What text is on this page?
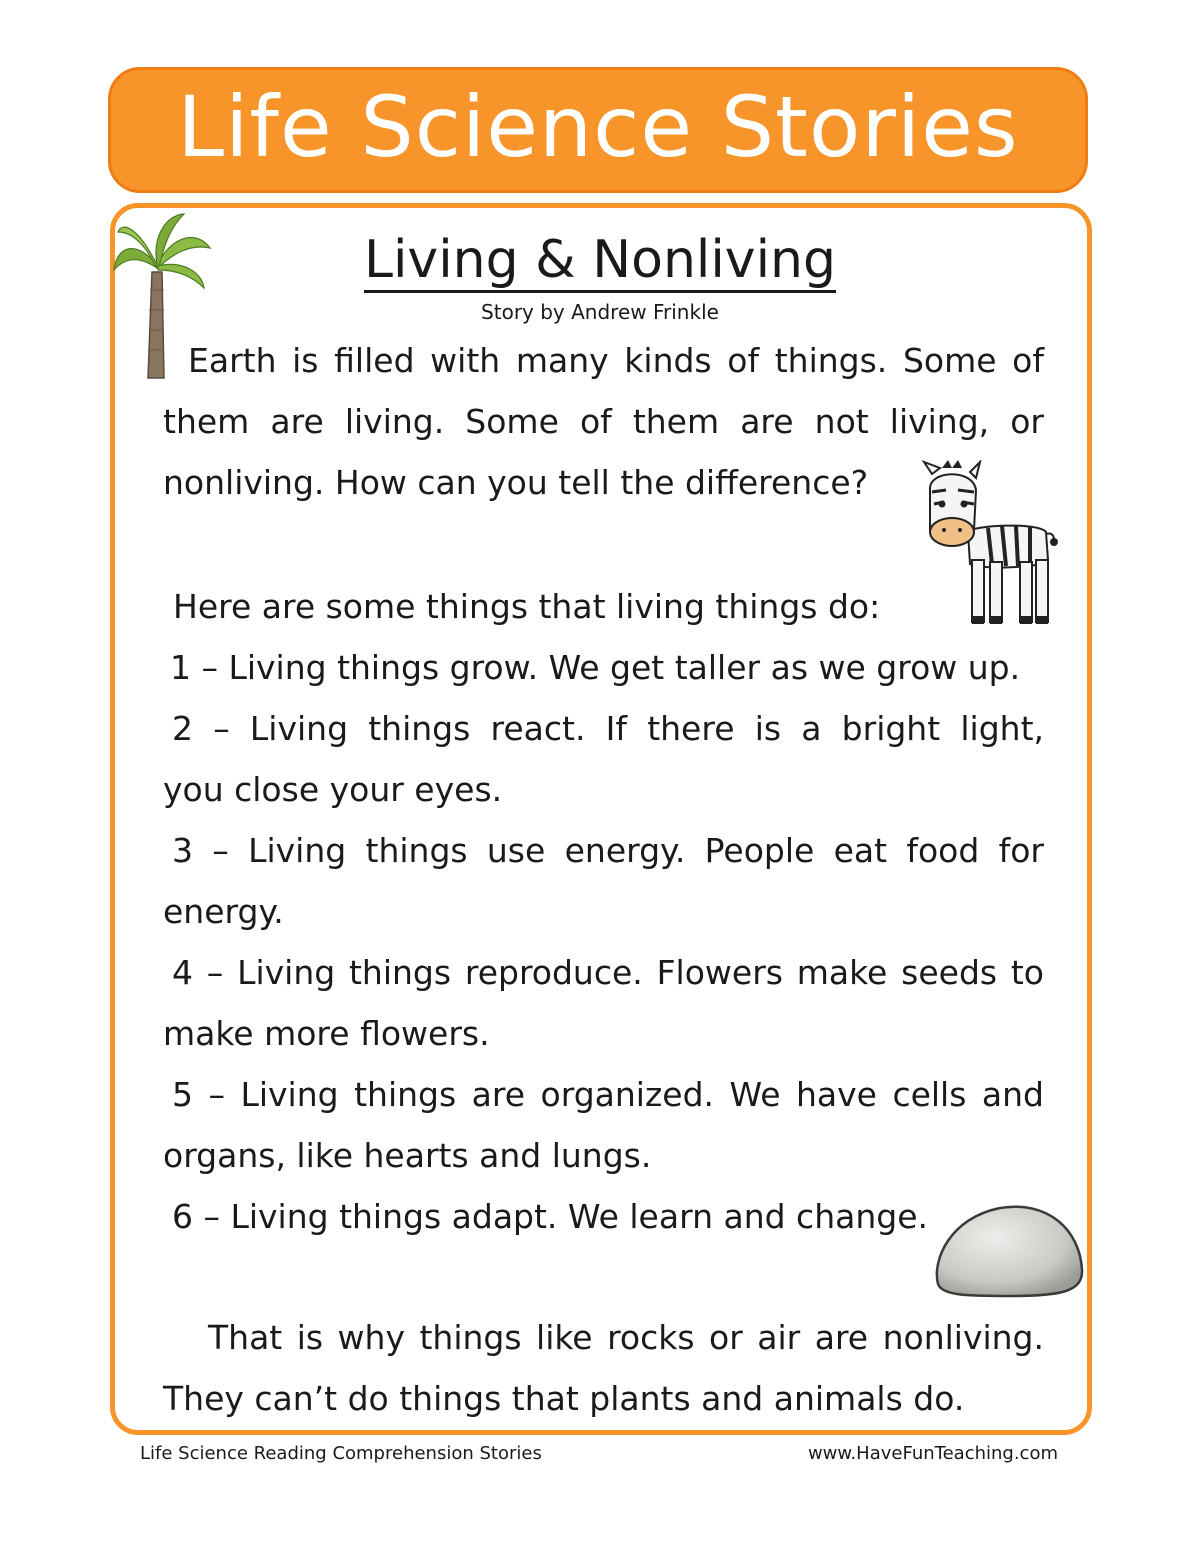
Life Science Stories
Living & Nonliving
Story by Andrew Frinkle
Earth is filled with many kinds of things. Some of
them are living. Some of them are not living, or
nonliving. How can you tell the difference?
Here are some things that living things do:
1 – Living things grow. We get taller as we grow up.
2 – Living things react. If there is a bright light,
you close your eyes.
3 – Living things use energy. People eat food for
energy.
4 – Living things reproduce. Flowers make seeds to
make more flowers.
5 – Living things are organized. We have cells and
organs, like hearts and lungs.
6 – Living things adapt. We learn and change.
That is why things like rocks or air are nonliving.
They can’t do things that plants and animals do.
Life Science Reading Comprehension Stories	www.HaveFunTeaching.com
